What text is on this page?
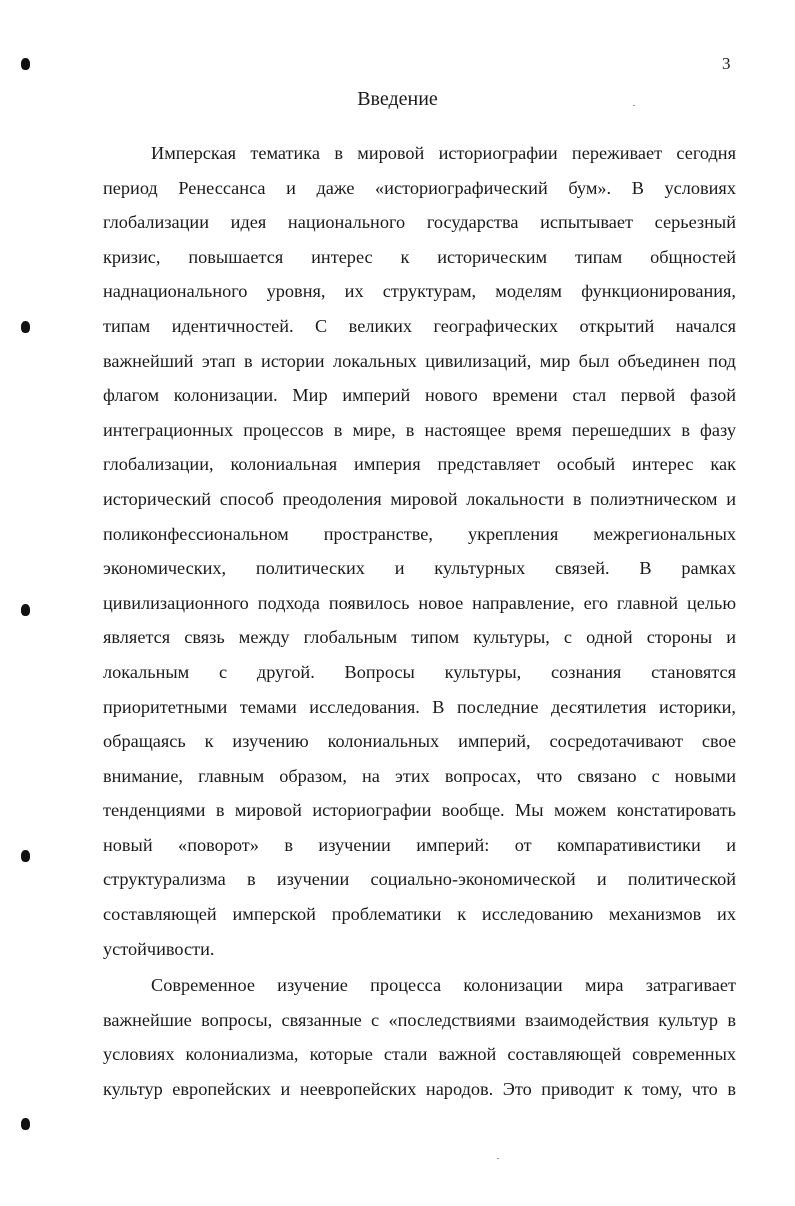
3
Введение
Имперская тематика в мировой историографии переживает сегодня
период Ренессанса и даже «историографический бум». В условиях
глобализации идея национального государства испытывает серьезный
кризис, повышается интерес к историческим типам общностей
наднационального уровня, их структурам, моделям функционирования,
типам идентичностей. С великих географических открытий начался
важнейший этап в истории локальных цивилизаций, мир был объединен под
флагом колонизации. Мир империй нового времени стал первой фазой
интеграционных процессов в мире, в настоящее время перешедших в фазу
глобализации, колониальная империя представляет особый интерес как
исторический способ преодоления мировой локальности в полиэтническом и
поликонфессиональном пространстве, укрепления межрегиональных
экономических, политических и культурных связей. В рамках
цивилизационного подхода появилось новое направление, его главной целью
является связь между глобальным типом культуры, с одной стороны и
локальным с другой. Вопросы культуры, сознания становятся
приоритетными темами исследования. В последние десятилетия историки,
обращаясь к изучению колониальных империй, сосредотачивают свое
внимание, главным образом, на этих вопросах, что связано с новыми
тенденциями в мировой историографии вообще. Мы можем констатировать
новый «поворот» в изучении империй: от компаративистики и
структурализма в изучении социально-экономической и политической
составляющей имперской проблематики к исследованию механизмов их
устойчивости.
Современное изучение процесса колонизации мира затрагивает
важнейшие вопросы, связанные с «последствиями взаимодействия культур в
условиях колониализма, которые стали важной составляющей современных
культур европейских и неевропейских народов. Это приводит к тому, что в
